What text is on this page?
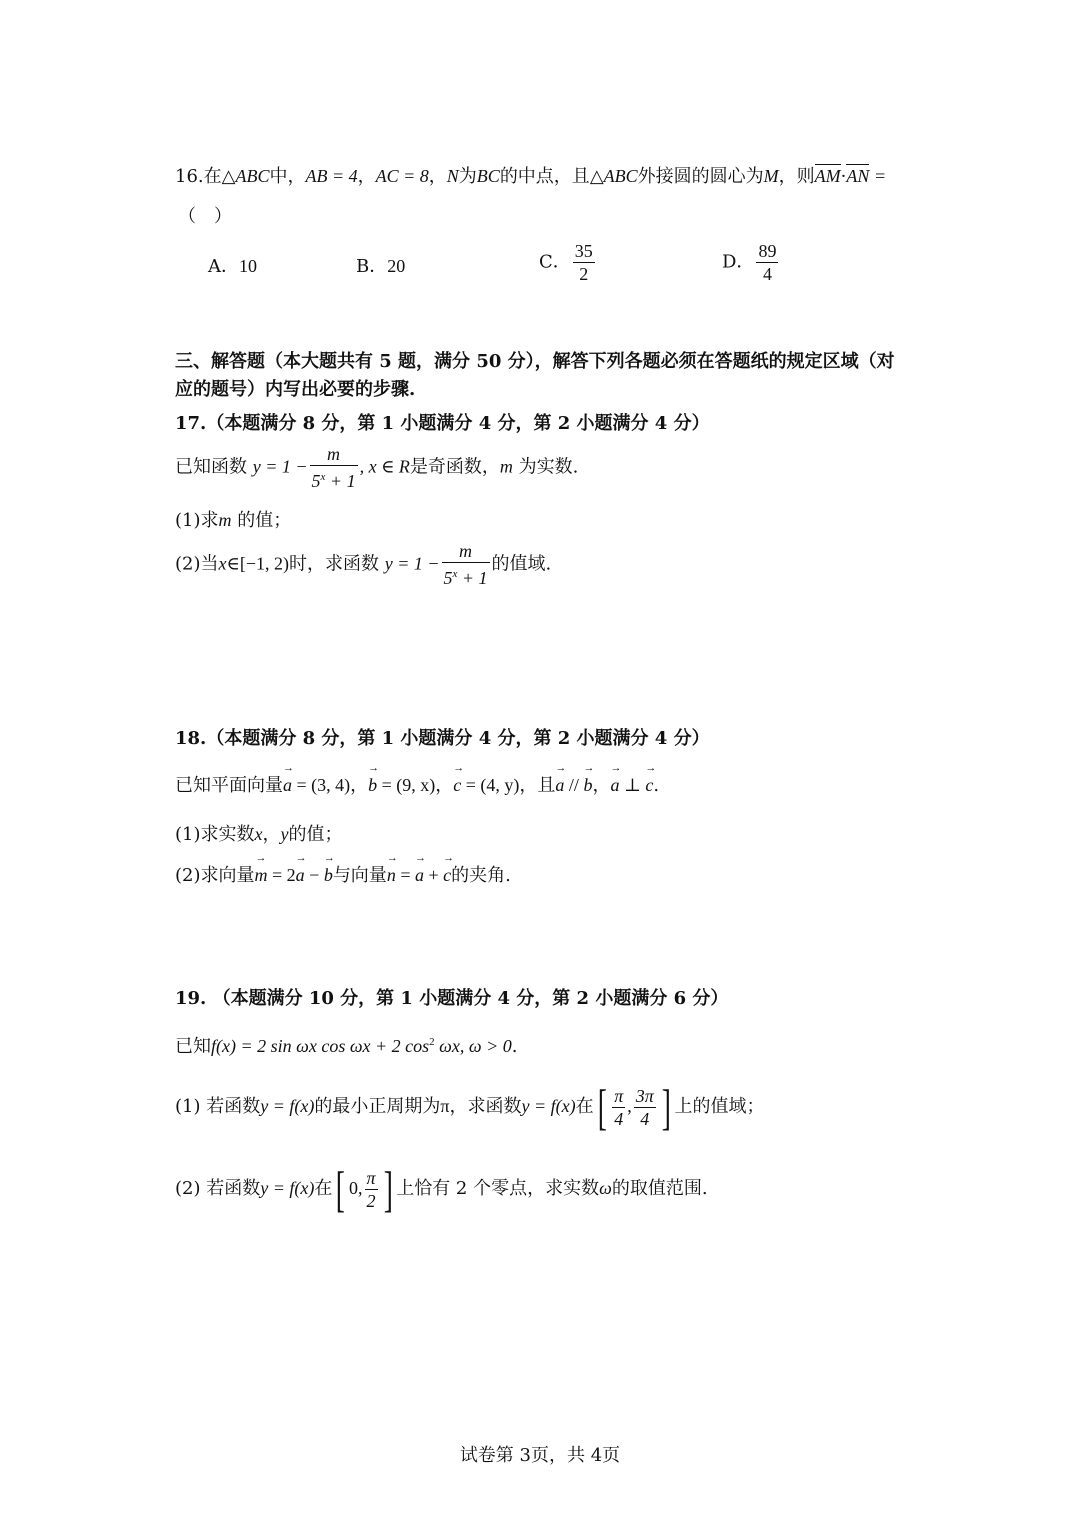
16.在△ABC中，AB = 4，AC = 8，N为BC的中点，且△ABC外接圆的圆心为M，则AM·AN =
（　）
A．10	B．20	C． $\frac{35}{2}$	D． $\frac{89}{4}$
三、解答题（本大题共有 5 题，满分 50 分），解答下列各题必须在答题纸的规定区域（对
应的题号）内写出必要的步骤.
17.（本题满分 8 分，第 1 小题满分 4 分，第 2 小题满分 4 分）
已知函数 $y = 1 - \frac{m}{5^x + 1}$ , x ∈ R是奇函数，m 为实数.
(1)求m 的值；
(2)当x∈[−1, 2)时，求函数 $y = 1 - \frac{m}{5^x + 1}$ 的值域.
18.（本题满分 8 分，第 1 小题满分 4 分，第 2 小题满分 4 分）
已知平面向量→ a = (3, 4)，→ b = (9, x)，→ c = (4, y)，且→ a // → b，→ a ⊥ → c.
(1)求实数x，y的值；
(2)求向量→ m = 2→ a − → b与向量→ n = → a + → c的夹角.
19. （本题满分 10 分，第 1 小题满分 4 分，第 2 小题满分 6 分）
已知f(x) = 2 sin ωx cos ωx + 2 $\cos^2 \omega x$, ω > 0.
(1) 若函数y = f(x)的最小正周期为π，求函数y = f(x)在[ $\frac{\pi}{4}$ , $\frac{3\pi}{4}$ ] 上的值域；
(2) 若函数y = f(x)在[ 0, $\frac{\pi}{2}$ ] 上恰有 2 个零点，求实数ω的取值范围.
试卷第 3页，共 4页
